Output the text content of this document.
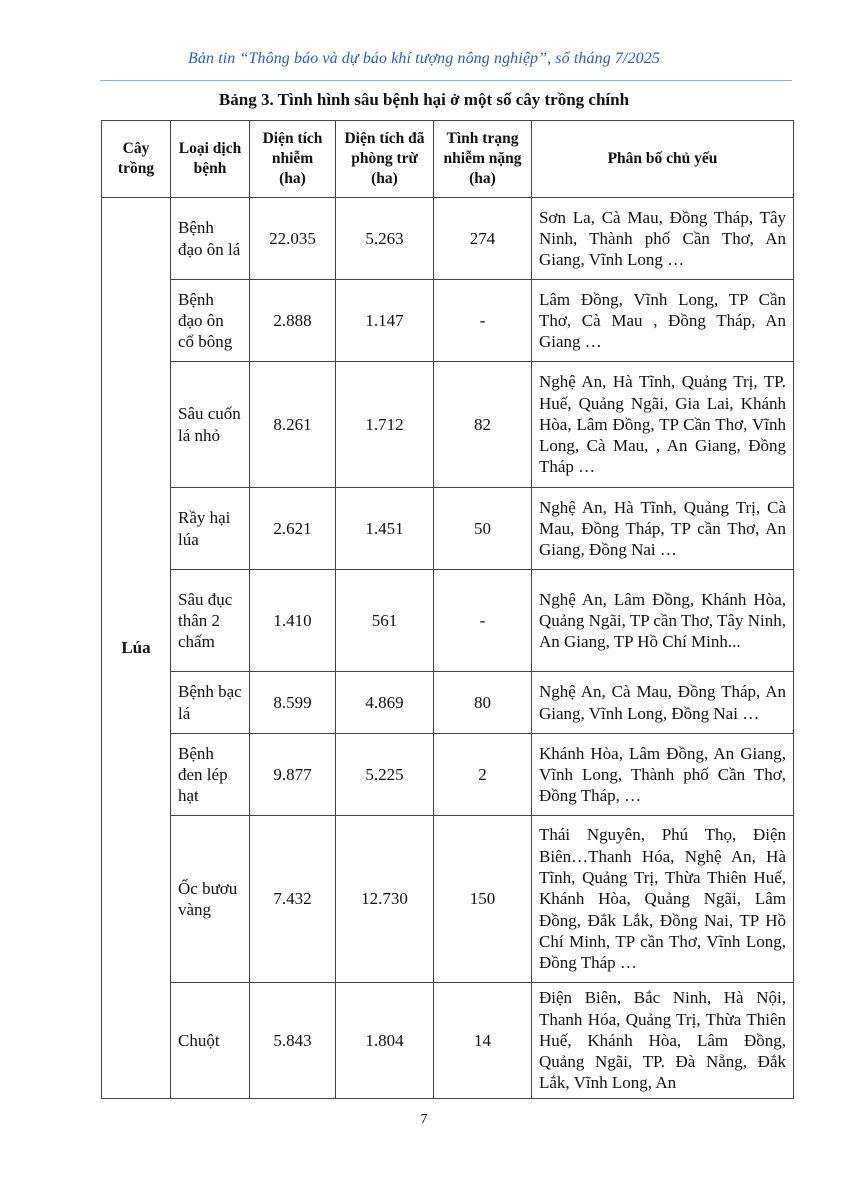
Bản tin “Thông báo và dự báo khí tượng nông nghiệp”, số tháng 7/2025
Bảng 3. Tình hình sâu bệnh hại ở một số cây trồng chính
Cây trồng	Loại dịch bệnh	Diện tích nhiễm (ha)	Diện tích đã phòng trừ (ha)	Tình trạng nhiễm nặng (ha)	Phân bố chủ yếu
Lúa	Bệnh đạo ôn lá	22.035	5.263	274	Sơn La, Cà Mau, Đồng Tháp, Tây Ninh, Thành phố Cần Thơ, An Giang, Vĩnh Long …
	Bệnh đạo ôn cổ bông	2.888	1.147	-	Lâm Đồng, Vĩnh Long, TP Cần Thơ, Cà Mau , Đồng Tháp, An Giang …
	Sâu cuốn lá nhỏ	8.261	1.712	82	Nghệ An, Hà Tĩnh, Quảng Trị, TP. Huế, Quảng Ngãi, Gia Lai, Khánh Hòa, Lâm Đồng, TP Cần Thơ, Vĩnh Long, Cà Mau, , An Giang, Đồng Tháp …
	Rầy hại lúa	2.621	1.451	50	Nghệ An, Hà Tĩnh, Quảng Trị, Cà Mau, Đồng Tháp, TP cần Thơ, An Giang, Đồng Nai …
	Sâu đục thân 2 chấm	1.410	561	-	Nghệ An, Lâm Đồng, Khánh Hòa, Quảng Ngãi, TP cần Thơ, Tây Ninh, An Giang, TP Hồ Chí Minh...
	Bệnh bạc lá	8.599	4.869	80	Nghệ An, Cà Mau, Đồng Tháp, An Giang, Vĩnh Long, Đồng Nai …
	Bệnh đen lép hạt	9.877	5.225	2	Khánh Hòa, Lâm Đồng, An Giang, Vĩnh Long, Thành phố Cần Thơ, Đồng Tháp, …
	Ốc bươu vàng	7.432	12.730	150	Thái Nguyên, Phú Thọ, Điện Biên…Thanh Hóa, Nghệ An, Hà Tĩnh, Quảng Trị, Thừa Thiên Huế, Khánh Hòa, Quảng Ngãi, Lâm Đồng, Đắk Lắk, Đồng Nai, TP Hồ Chí Minh, TP cần Thơ, Vĩnh Long, Đồng Tháp …
	Chuột	5.843	1.804	14	Điện Biên, Bắc Ninh, Hà Nội, Thanh Hóa, Quảng Trị, Thừa Thiên Huế, Khánh Hòa, Lâm Đồng, Quảng Ngãi, TP. Đà Nẵng, Đắk Lắk, Vĩnh Long, An
7
